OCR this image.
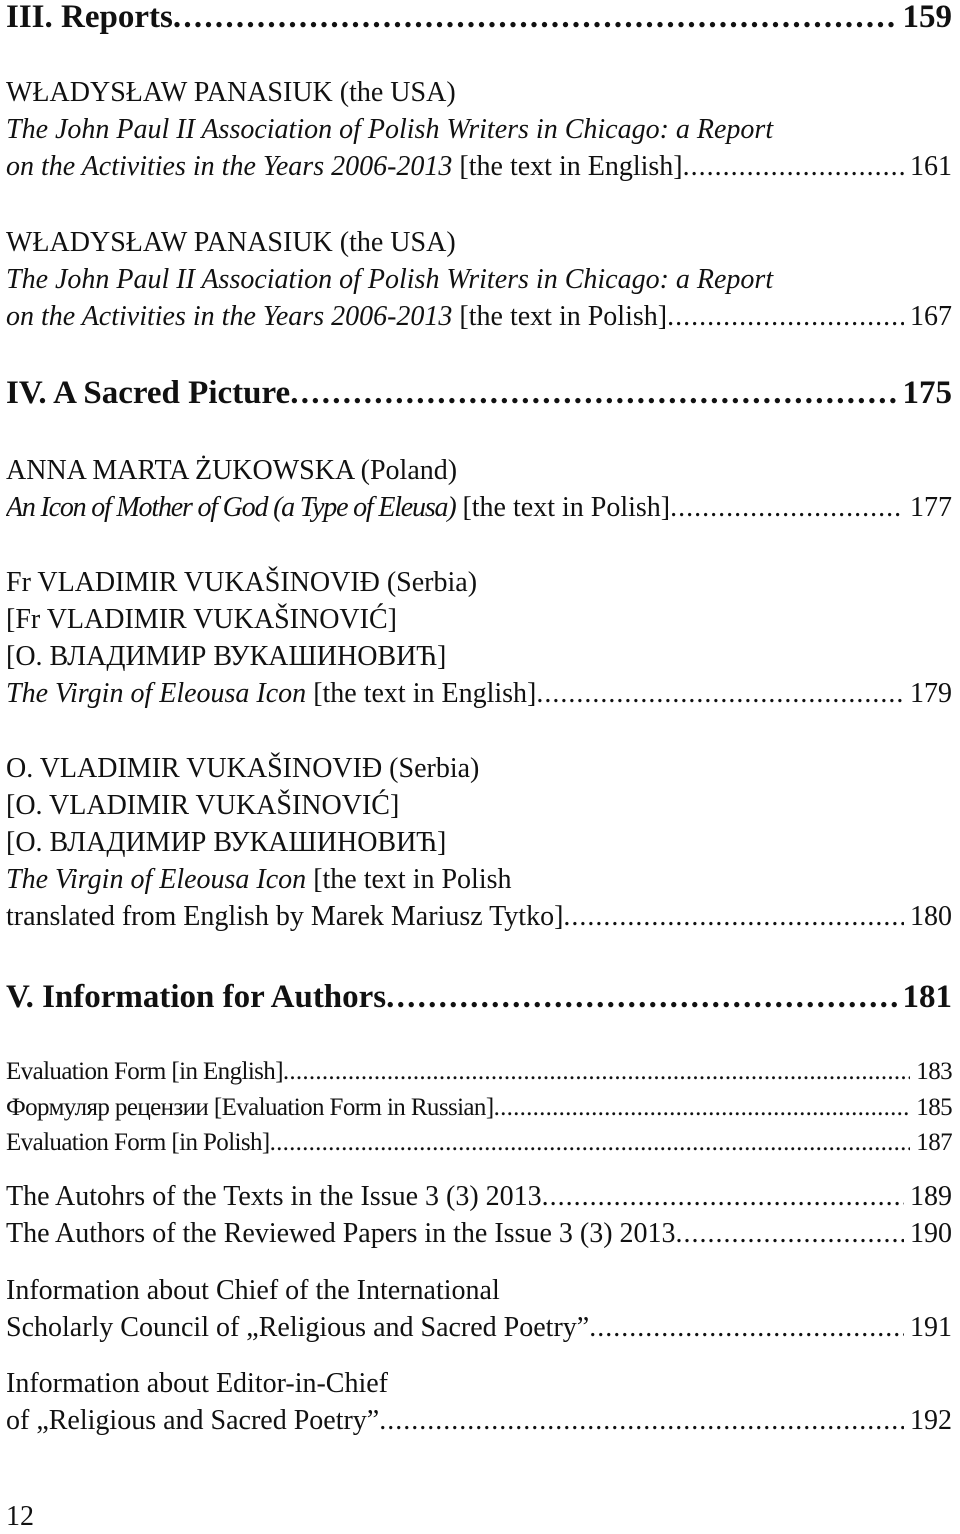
III. Reports . . .	159
WŁADYSŁAW PANASIUK (the USA)
The John Paul II Association of Polish Writers in Chicago: a Report
on the Activities in the Years 2006-2013 [the text in English] . . .	161
WŁADYSŁAW PANASIUK (the USA)
The John Paul II Association of Polish Writers in Chicago: a Report
on the Activities in the Years 2006-2013 [the text in Polish] . . .	167
IV. A Sacred Picture . . .	175
ANNA MARTA ŻUKOWSKA (Poland)
An Icon of Mother of God (a Type of Eleusa) [the text in Polish] . . .	177
Fr VLADIMIR VUKAŠINOVIĐ (Serbia)
[Fr VLADIMIR VUKAŠINOVIĆ]
[О. ВЛАДИМИР ВУКАШИНОВИЋ]
The Virgin of Eleousa Icon [the text in English] . . .	179
O. VLADIMIR VUKAŠINOVIĐ (Serbia)
[O. VLADIMIR VUKAŠINOVIĆ]
[О. ВЛАДИМИР ВУКАШИНОВИЋ]
The Virgin of Eleousa Icon [the text in Polish
translated from English by Marek Mariusz Tytko] . . .	180
V. Information for Authors . . .	181
Evaluation Form [in English] . . .	183
Формуляр рецензии [Evaluation Form in Russian] . . .	185
Evaluation Form [in Polish] . . .	187
The Autohrs of the Texts in the Issue 3 (3) 2013 . . .	189
The Authors of the Reviewed Papers in the Issue 3 (3) 2013 . . .	190
Information about Chief of the International
Scholarly Council of „Religious and Sacred Poetry” . . .	191
Information about Editor-in-Chief
of „Religious and Sacred Poetry” . . .	192
12
